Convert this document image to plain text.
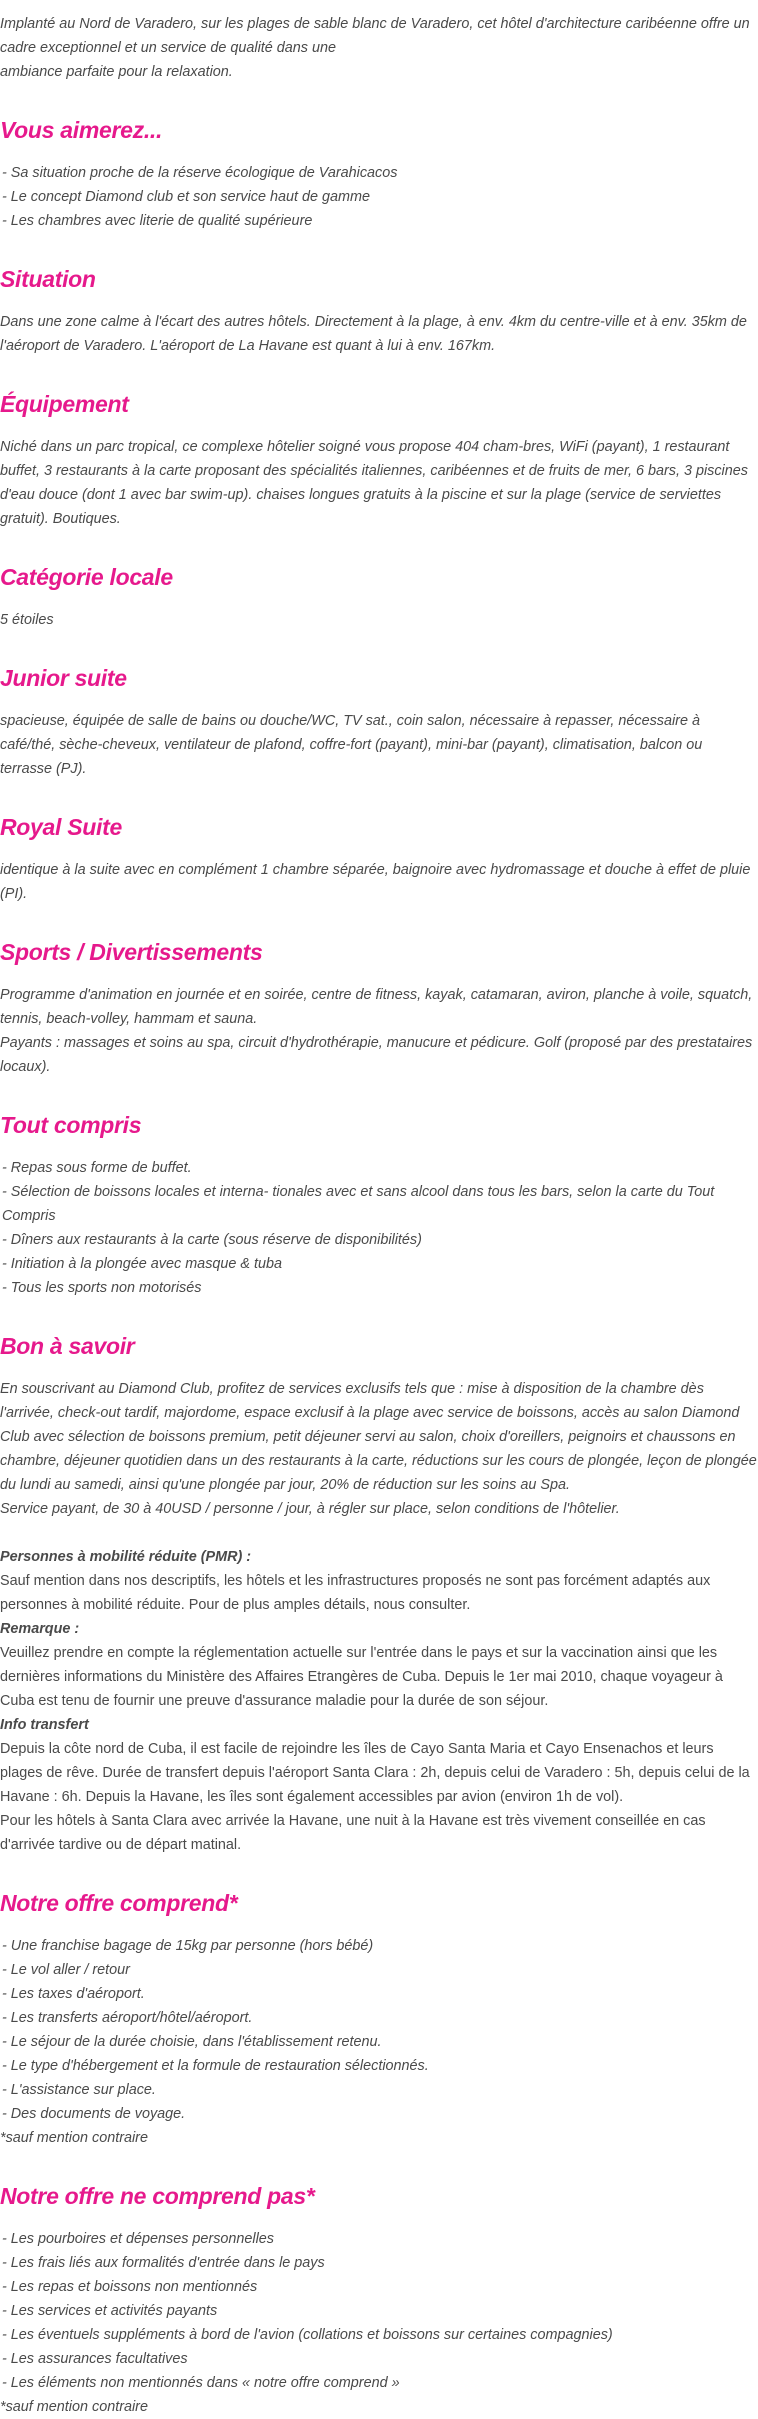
Implanté au Nord de Varadero, sur les plages de sable blanc de Varadero, cet hôtel d'architecture caribéenne offre un cadre exceptionnel et un service de qualité dans une
ambiance parfaite pour la relaxation.

Vous aimerez...
- Sa situation proche de la réserve écologique de Varahicacos
- Le concept Diamond club et son service haut de gamme
- Les chambres avec literie de qualité supérieure
Situation

Dans une zone calme à l'écart des autres hôtels. Directement à la plage, à env. 4km du centre-ville et à env. 35km de l'aéroport de Varadero. L'aéroport de La Havane est quant à lui à env. 167km.

Équipement

Niché dans un parc tropical, ce complexe hôtelier soigné vous propose 404 cham-bres, WiFi (payant), 1 restaurant buffet, 3 restaurants à la carte proposant des spécialités italiennes, caribéennes et de fruits de mer, 6 bars, 3 piscines d'eau douce (dont 1 avec bar swim-up). chaises longues gratuits à la piscine et sur la plage (service de serviettes gratuit). Boutiques.

Catégorie locale

5 étoiles

Junior suite

spacieuse, équipée de salle de bains ou douche/WC, TV sat., coin salon, nécessaire à repasser, nécessaire à café/thé, sèche-cheveux, ventilateur de plafond, coffre-fort (payant), mini-bar (payant), climatisation, balcon ou terrasse (PJ).

Royal Suite

identique à la suite avec en complément 1 chambre séparée, baignoire avec hydromassage et douche à effet de pluie (PI).

Sports / Divertissements

Programme d'animation en journée et en soirée, centre de fitness, kayak, catamaran, aviron, planche à voile, squatch, tennis, beach-volley, hammam et sauna.
Payants : massages et soins au spa, circuit d'hydrothérapie, manucure et pédicure. Golf (proposé par des prestataires locaux).

Tout compris
- Repas sous forme de buffet.
- Sélection de boissons locales et interna- tionales avec et sans alcool dans tous les bars, selon la carte du Tout Compris
- Dîners aux restaurants à la carte (sous réserve de disponibilités)
- Initiation à la plongée avec masque & tuba
- Tous les sports non motorisés
Bon à savoir

En souscrivant au Diamond Club, profitez de services exclusifs tels que : mise à disposition de la chambre dès l'arrivée, check-out tardif, majordome, espace exclusif à la plage avec service de boissons, accès au salon Diamond Club avec sélection de boissons premium, petit déjeuner servi au salon, choix d'oreillers, peignoirs et chaussons en chambre, déjeuner quotidien dans un des restaurants à la carte, réductions sur les cours de plongée, leçon de plongée du lundi au samedi, ainsi qu'une plongée par jour, 20% de réduction sur les soins au Spa.
Service payant, de 30 à 40USD / personne / jour, à régler sur place, selon conditions de l'hôtelier.

Personnes à mobilité réduite (PMR) :

Sauf mention dans nos descriptifs, les hôtels et les infrastructures proposés ne sont pas forcément adaptés aux personnes à mobilité réduite. Pour de plus amples détails, nous consulter.

Remarque :

Veuillez prendre en compte la réglementation actuelle sur l'entrée dans le pays et sur la vaccination ainsi que les dernières informations du Ministère des Affaires Etrangères de Cuba. Depuis le 1er mai 2010, chaque voyageur à Cuba est tenu de fournir une preuve d'assurance maladie pour la durée de son séjour.

Info transfert

Depuis la côte nord de Cuba, il est facile de rejoindre les îles de Cayo Santa Maria et Cayo Ensenachos et leurs plages de rêve. Durée de transfert depuis l'aéroport Santa Clara : 2h, depuis celui de Varadero : 5h, depuis celui de la Havane : 6h. Depuis la Havane, les îles sont également accessibles par avion (environ 1h de vol).
Pour les hôtels à Santa Clara avec arrivée la Havane, une nuit à la Havane est très vivement conseillée en cas d'arrivée tardive ou de départ matinal.

Notre offre comprend*
- Une franchise bagage de 15kg par personne (hors bébé)
- Le vol aller / retour
- Les taxes d'aéroport.
- Les transferts aéroport/hôtel/aéroport.
- Le séjour de la durée choisie, dans l'établissement retenu.
- Le type d'hébergement et la formule de restauration sélectionnés.
- L'assistance sur place.
- Des documents de voyage.

*sauf mention contraire

Notre offre ne comprend pas*
- Les pourboires et dépenses personnelles
- Les frais liés aux formalités d'entrée dans le pays
- Les repas et boissons non mentionnés
- Les services et activités payants
- Les éventuels suppléments à bord de l'avion (collations et boissons sur certaines compagnies)
- Les assurances facultatives
- Les éléments non mentionnés dans « notre offre comprend »

*sauf mention contraire
